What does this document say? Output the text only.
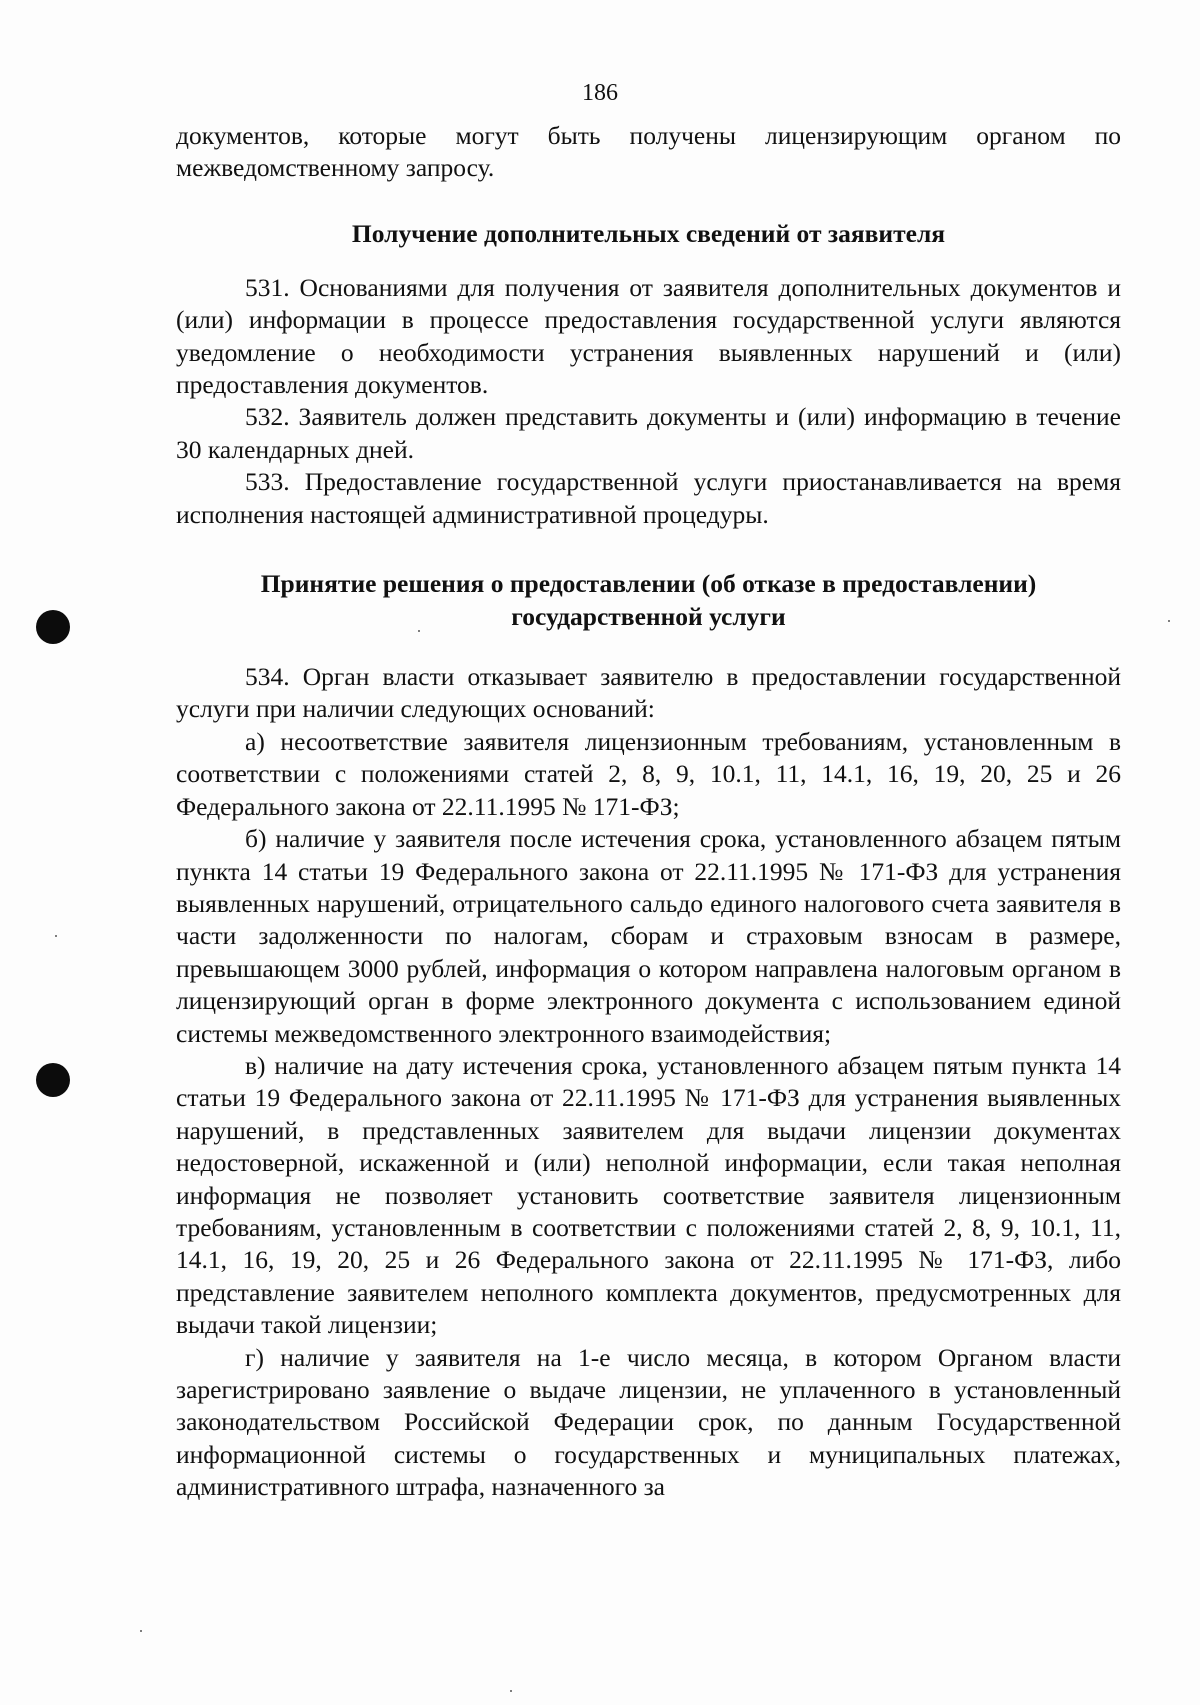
186

документов, которые могут быть получены лицензирующим органом по межведомственному запросу.

Получение дополнительных сведений от заявителя

531. Основаниями для получения от заявителя дополнительных документов и (или) информации в процессе предоставления государственной услуги являются уведомление о необходимости устранения выявленных нарушений и (или) предоставления документов.

532. Заявитель должен представить документы и (или) информацию в течение 30 календарных дней.

533. Предоставление государственной услуги приостанавливается на время исполнения настоящей административной процедуры.

Принятие решения о предоставлении (об отказе в предоставлении)
государственной услуги

534. Орган власти отказывает заявителю в предоставлении государственной услуги при наличии следующих оснований:

а) несоответствие заявителя лицензионным требованиям, установленным в соответствии с положениями статей 2, 8, 9, 10.1, 11, 14.1, 16, 19, 20, 25 и 26 Федерального закона от 22.11.1995 № 171-ФЗ;

б) наличие у заявителя после истечения срока, установленного абзацем пятым пункта 14 статьи 19 Федерального закона от 22.11.1995 № 171-ФЗ для устранения выявленных нарушений, отрицательного сальдо единого налогового счета заявителя в части задолженности по налогам, сборам и страховым взносам в размере, превышающем 3000 рублей, информация о котором направлена налоговым органом в лицензирующий орган в форме электронного документа с использованием единой системы межведомственного электронного взаимодействия;

в) наличие на дату истечения срока, установленного абзацем пятым пункта 14 статьи 19 Федерального закона от 22.11.1995 № 171-ФЗ для устранения выявленных нарушений, в представленных заявителем для выдачи лицензии документах недостоверной, искаженной и (или) неполной информации, если такая неполная информация не позволяет установить соответствие заявителя лицензионным требованиям, установленным в соответствии с положениями статей 2, 8, 9, 10.1, 11, 14.1, 16, 19, 20, 25 и 26 Федерального закона от 22.11.1995 № 171-ФЗ, либо представление заявителем неполного комплекта документов, предусмотренных для выдачи такой лицензии;

г) наличие у заявителя на 1-е число месяца, в котором Органом власти зарегистрировано заявление о выдаче лицензии, не уплаченного в установленный законодательством Российской Федерации срок, по данным Государственной информационной системы о государственных и муниципальных платежах, административного штрафа, назначенного за
